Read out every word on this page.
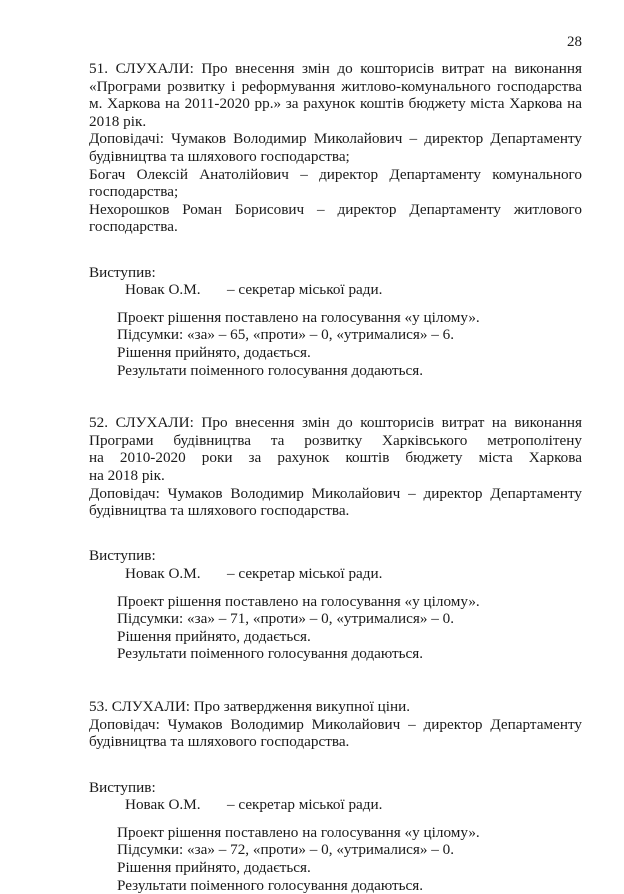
28

51. СЛУХАЛИ: Про внесення змін до кошторисів витрат на виконання

«Програми розвитку і реформування житлово-комунального господарства

м. Харкова на 2011-2020 рр.» за рахунок коштів бюджету міста Харкова на

2018 рік.

Доповідачі: Чумаков Володимир Миколайович – директор Департаменту

будівництва та шляхового господарства;

Богач Олексій Анатолійович – директор Департаменту комунального

господарства;

Нехорошков Роман Борисович – директор Департаменту житлового

господарства.

Виступив:

Новак О.М. – секретар міської ради.

Проект рішення поставлено на голосування «у цілому».

Підсумки: «за» – 65, «проти» – 0, «утрималися» – 6.

Рішення прийнято, додається.

Результати поіменного голосування додаються.

52. СЛУХАЛИ: Про внесення змін до кошторисів витрат на виконання

Програми будівництва та розвитку Харківського метрополітену

на 2010-2020 роки за рахунок коштів бюджету міста Харкова

на 2018 рік.

Доповідач: Чумаков Володимир Миколайович – директор Департаменту

будівництва та шляхового господарства.

Виступив:

Новак О.М. – секретар міської ради.

Проект рішення поставлено на голосування «у цілому».

Підсумки: «за» – 71, «проти» – 0, «утрималися» – 0.

Рішення прийнято, додається.

Результати поіменного голосування додаються.

53. СЛУХАЛИ: Про затвердження викупної ціни.

Доповідач: Чумаков Володимир Миколайович – директор Департаменту

будівництва та шляхового господарства.

Виступив:

Новак О.М. – секретар міської ради.

Проект рішення поставлено на голосування «у цілому».

Підсумки: «за» – 72, «проти» – 0, «утрималися» – 0.

Рішення прийнято, додається.

Результати поіменного голосування додаються.
